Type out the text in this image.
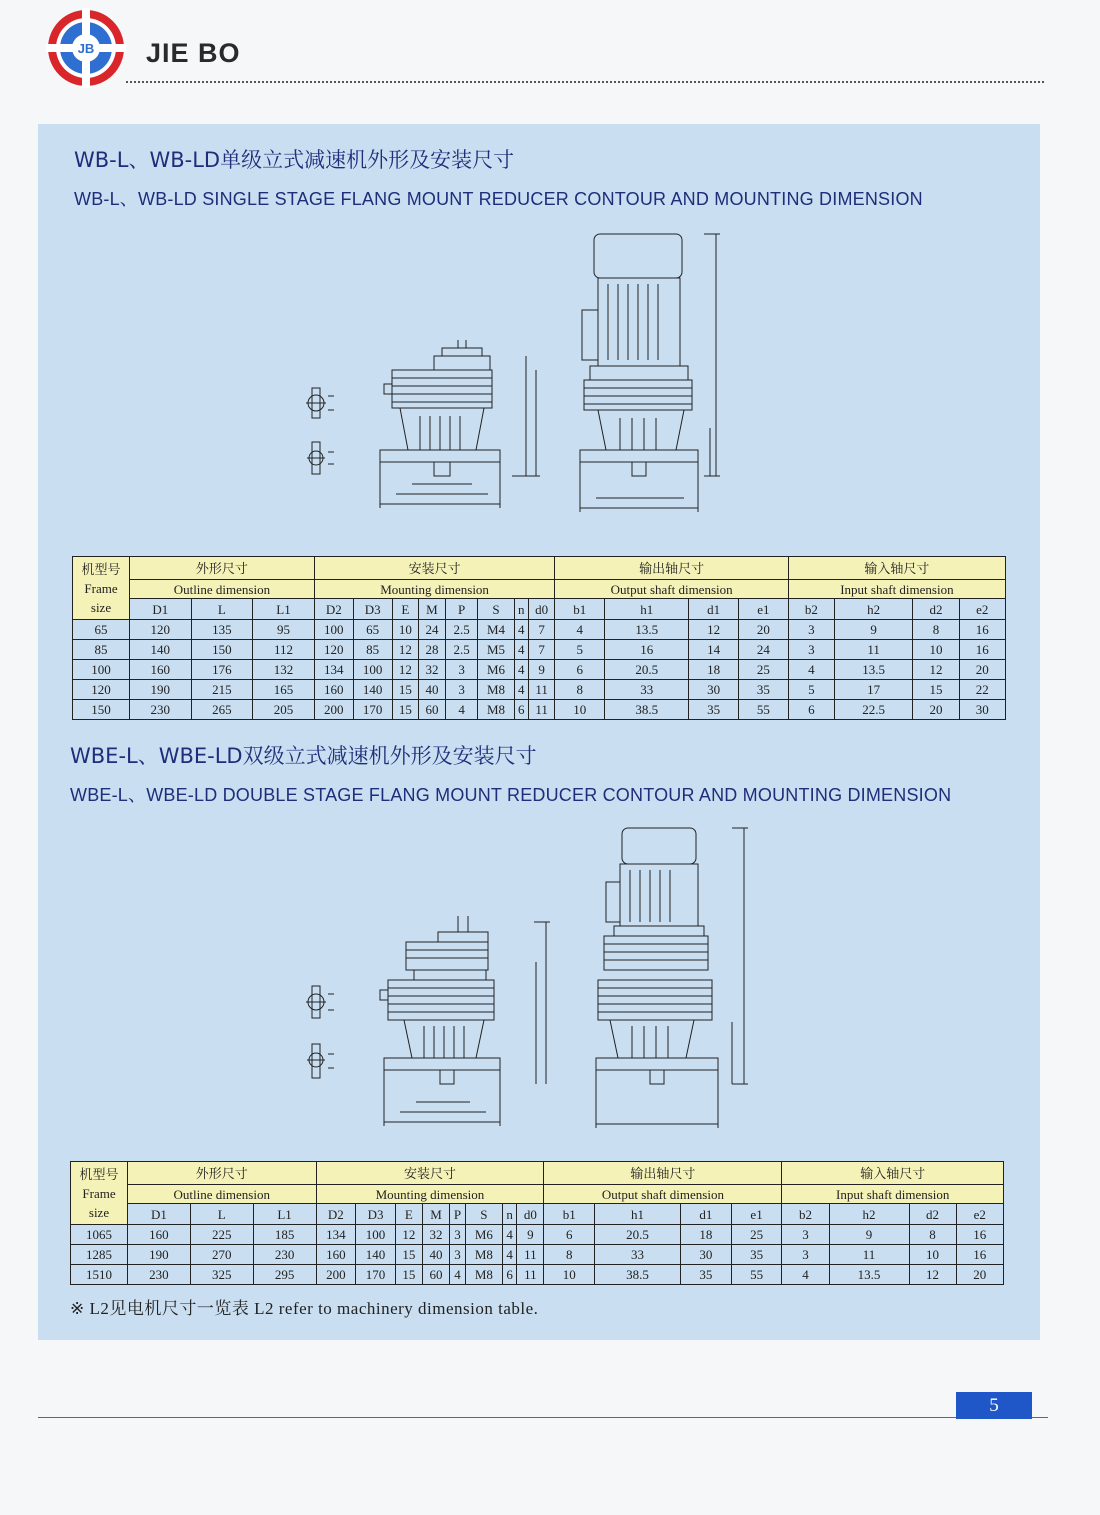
JB JIE BO
WB-L、WB-LD单级立式减速机外形及安装尺寸
WB-L、WB-LD SINGLE STAGE FLANG MOUNT REDUCER CONTOUR AND MOUNTING DIMENSION
机型号
Frame
size	外形尺寸			安装尺寸								输出轴尺寸				输入轴尺寸			
	Outline dimension			Mounting dimension								Output shaft dimension				Input shaft dimension			
	D1	L	L1	D2	D3	E	M	P	S	n	d0	b1	h1	d1	e1	b2	h2	d2	e2
65	120	135	95	100	65	10	24	2.5	M4	4	7	4	13.5	12	20	3	9	8	16
85	140	150	112	120	85	12	28	2.5	M5	4	7	5	16	14	24	3	11	10	16
100	160	176	132	134	100	12	32	3	M6	4	9	6	20.5	18	25	4	13.5	12	20
120	190	215	165	160	140	15	40	3	M8	4	11	8	33	30	35	5	17	15	22
150	230	265	205	200	170	15	60	4	M8	6	11	10	38.5	35	55	6	22.5	20	30
WBE-L、WBE-LD双级立式减速机外形及安装尺寸
WBE-L、WBE-LD DOUBLE STAGE FLANG MOUNT REDUCER CONTOUR AND MOUNTING DIMENSION
机型号
Frame
size	外形尺寸			安装尺寸								输出轴尺寸				输入轴尺寸			
	Outline dimension			Mounting dimension								Output shaft dimension				Input shaft dimension			
	D1	L	L1	D2	D3	E	M	P	S	n	d0	b1	h1	d1	e1	b2	h2	d2	e2
1065	160	225	185	134	100	12	32	3	M6	4	9	6	20.5	18	25	3	9	8	16
1285	190	270	230	160	140	15	40	3	M8	4	11	8	33	30	35	3	11	10	16
1510	230	325	295	200	170	15	60	4	M8	6	11	10	38.5	35	55	4	13.5	12	20
※ L2见电机尺寸一览表 L2 refer to machinery dimension table.
5
